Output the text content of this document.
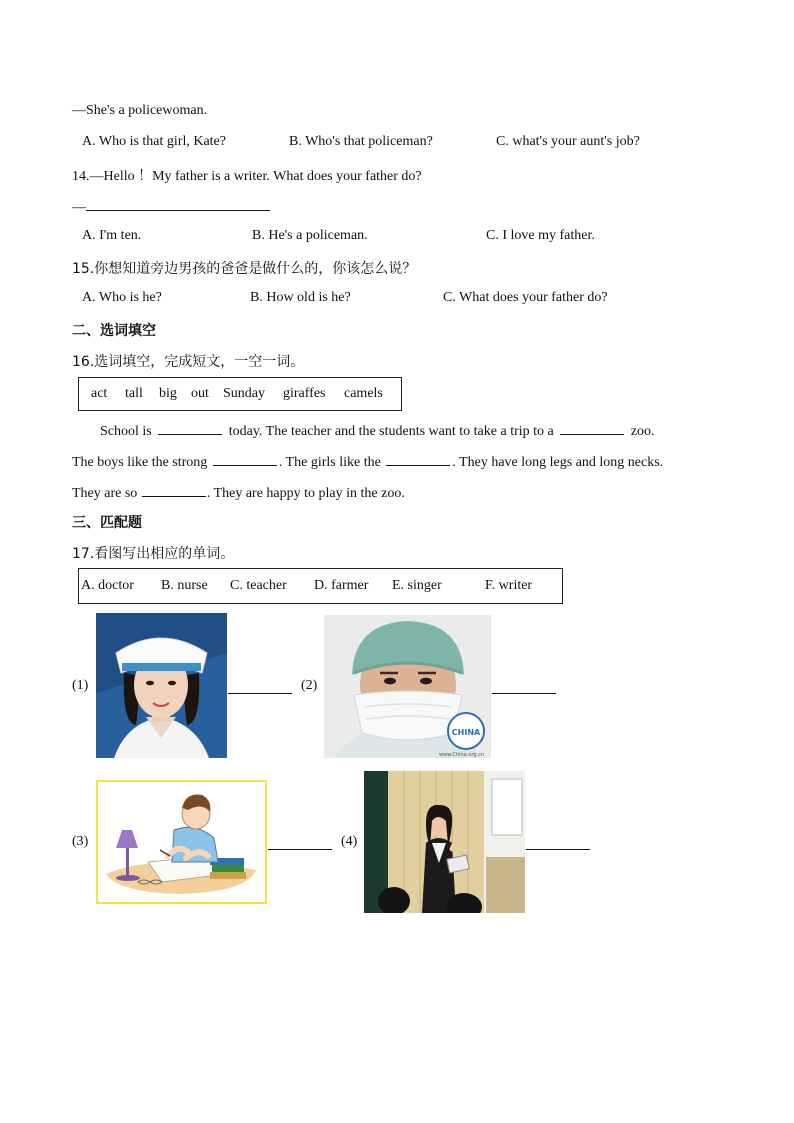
—She's a policewoman.
A. Who is that girl, Kate?	B. Who's that policeman?	C. what's your aunt's job?
14.—Hello ！My father is a writer. What does your father do?
—
A. I'm ten.	B. He's a policeman.	C. I love my father.
15.你想知道旁边男孩的爸爸是做什么的，你该怎么说？
A. Who is he?	B. How old is he?	C. What does your father do?
二、选词填空
16.选词填空，完成短文，一空一词。
act tall big out Sunday giraffes camels
School is	today. The teacher and the students want to take a trip to a	zoo.
The boys like the strong	. The girls like the	. They have long legs and long necks.
They are so	. They are happy to play in the zoo.
三、匹配题
17.看图写出相应的单词。
A. doctor B. nurse C. teacher D. farmer E. singer	F. writer
(1)	(2)
CHINA
www.China.org.cn
(3)	(4)
